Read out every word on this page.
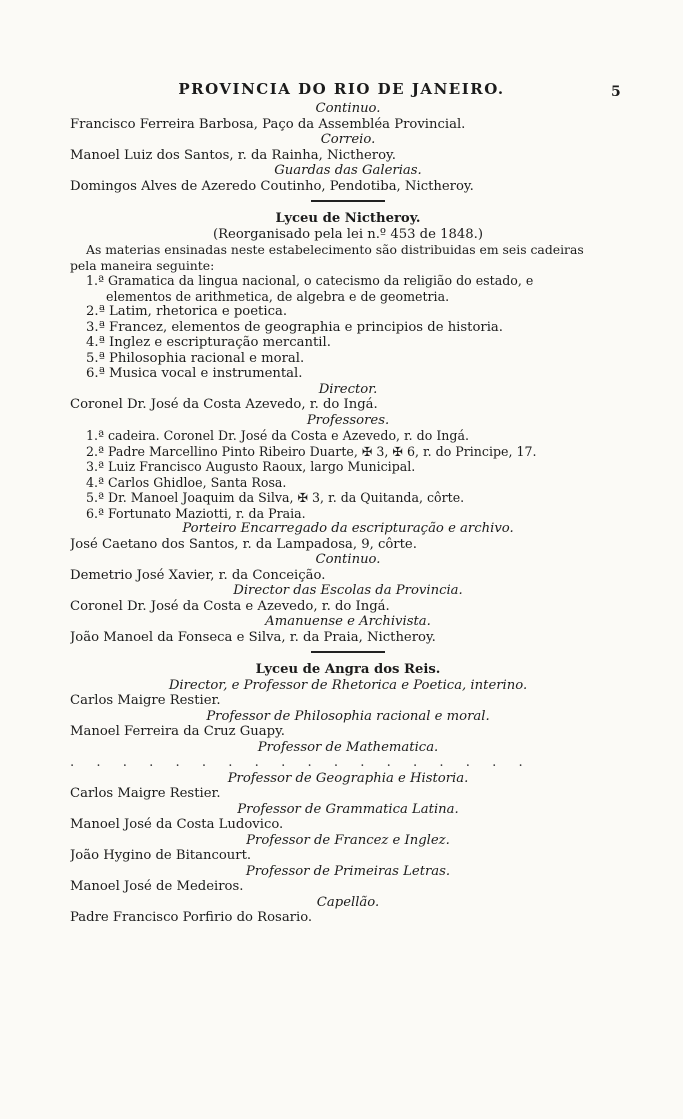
PROVINCIA DO RIO DE JANEIRO.	5
Continuo.
Francisco Ferreira Barbosa, Paço da Assembléa Provincial.
Correio.
Manoel Luiz dos Santos, r. da Rainha, Nictheroy.
Guardas das Galerias.
Domingos Alves de Azeredo Coutinho, Pendotiba, Nictheroy.
Lyceu de Nictheroy.
(Reorganisado pela lei n.º 453 de 1848.)
As materias ensinadas neste estabelecimento são distribuidas em seis cadeiras
pela maneira seguinte:
1.ª Gramatica da lingua nacional, o catecismo da religião do estado, e
elementos de arithmetica, de algebra e de geometria.
2.ª Latim, rhetorica e poetica.
3.ª Francez, elementos de geographia e principios de historia.
4.ª Inglez e escripturação mercantil.
5.ª Philosophia racional e moral.
6.ª Musica vocal e instrumental.
Director.
Coronel Dr. José da Costa Azevedo, r. do Ingá.
Professores.
1.ª cadeira. Coronel Dr. José da Costa e Azevedo, r. do Ingá.
2.ª Padre Marcellino Pinto Ribeiro Duarte, ✠ 3, ✠ 6, r. do Principe, 17.
3.ª Luiz Francisco Augusto Raoux, largo Municipal.
4.ª Carlos Ghidloe, Santa Rosa.
5.ª Dr. Manoel Joaquim da Silva, ✠ 3, r. da Quitanda, côrte.
6.ª Fortunato Maziotti, r. da Praia.
Porteiro Encarregado da escripturação e archivo.
José Caetano dos Santos, r. da Lampadosa, 9, côrte.
Continuo.
Demetrio José Xavier, r. da Conceição.
Director das Escolas da Provincia.
Coronel Dr. José da Costa e Azevedo, r. do Ingá.
Amanuense e Archivista.
João Manoel da Fonseca e Silva, r. da Praia, Nictheroy.
Lyceu de Angra dos Reis.
Director, e Professor de Rhetorica e Poetica, interino.
Carlos Maigre Restier.
Professor de Philosophia racional e moral.
Manoel Ferreira da Cruz Guapy.
Professor de Mathematica.
. . . . . . . . . . . . . . . . . .
Professor de Geographia e Historia.
Carlos Maigre Restier.
Professor de Grammatica Latina.
Manoel José da Costa Ludovico.
Professor de Francez e Inglez.
João Hygino de Bitancourt.
Professor de Primeiras Letras.
Manoel José de Medeiros.
Capellão.
Padre Francisco Porfirio do Rosario.
